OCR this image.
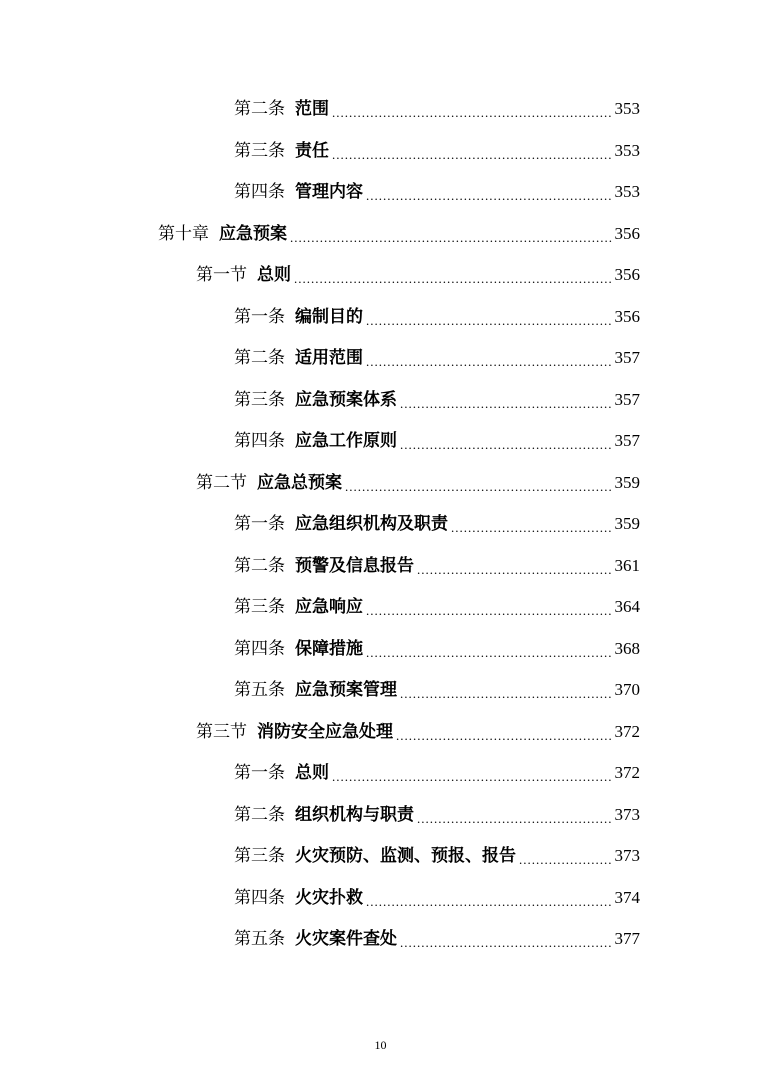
第二条 范围 .....	353
第三条 责任 .....	353
第四条 管理内容 .....	353
第十章 应急预案 .....	356
第一节 总则 .....	356
第一条 编制目的 .....	356
第二条 适用范围 .....	357
第三条 应急预案体系 .....	357
第四条 应急工作原则 .....	357
第二节 应急总预案 .....	359
第一条 应急组织机构及职责 .....	359
第二条 预警及信息报告 .....	361
第三条 应急响应 .....	364
第四条 保障措施 .....	368
第五条 应急预案管理 .....	370
第三节 消防安全应急处理 .....	372
第一条 总则 .....	372
第二条 组织机构与职责 .....	373
第三条 火灾预防、监测、预报、报告 .....	373
第四条 火灾扑救 .....	374
第五条 火灾案件查处 .....	377
10
